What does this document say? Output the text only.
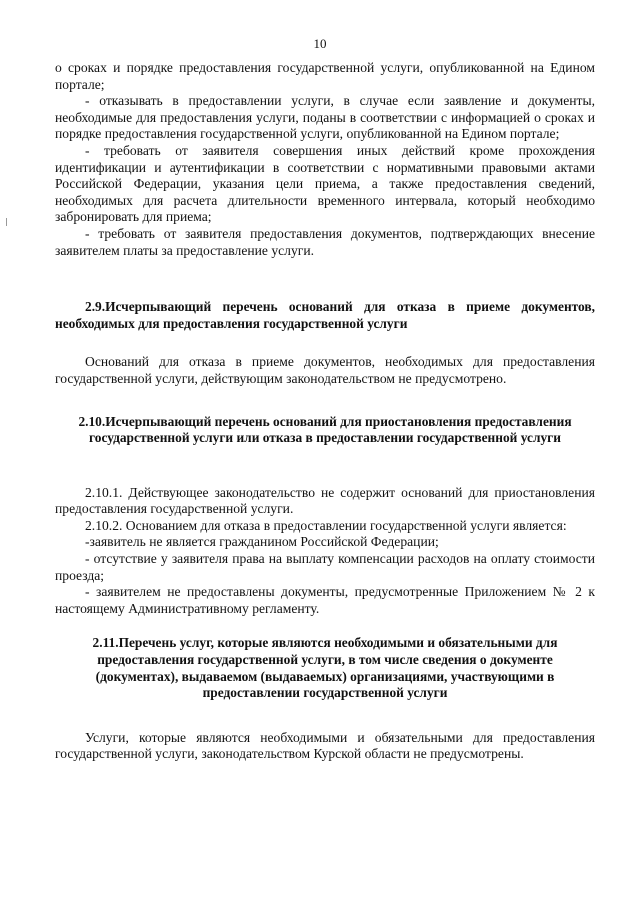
10

о сроках и порядке предоставления государственной услуги, опубликованной на Едином портале;

- отказывать в предоставлении услуги, в случае если заявление и документы, необходимые для предоставления услуги, поданы в соответствии с информацией о сроках и порядке предоставления государственной услуги, опубликованной на Едином портале;

- требовать от заявителя совершения иных действий кроме прохождения идентификации и аутентификации в соответствии с нормативными правовыми актами Российской Федерации, указания цели приема, а также предоставления сведений, необходимых для расчета длительности временного интервала, который необходимо забронировать для приема;

- требовать от заявителя предоставления документов, подтверждающих внесение заявителем платы за предоставление услуги.

2.9.Исчерпывающий перечень оснований для отказа в приеме документов, необходимых для предоставления государственной услуги

Оснований для отказа в приеме документов, необходимых для предоставления государственной услуги, действующим законодательством не предусмотрено.

2.10.Исчерпывающий перечень оснований для приостановления предоставления государственной услуги или отказа в предоставлении государственной услуги

2.10.1. Действующее законодательство не содержит оснований для приостановления предоставления государственной услуги.

2.10.2. Основанием для отказа в предоставлении государственной услуги является:

-заявитель не является гражданином Российской Федерации;

- отсутствие у заявителя права на выплату компенсации расходов на оплату стоимости проезда;

- заявителем не предоставлены документы, предусмотренные Приложением № 2 к настоящему Административному регламенту.

2.11.Перечень услуг, которые являются необходимыми и обязательными для предоставления государственной услуги, в том числе сведения о документе (документах), выдаваемом (выдаваемых) организациями, участвующими в предоставлении государственной услуги

Услуги, которые являются необходимыми и обязательными для предоставления государственной услуги, законодательством Курской области не предусмотрены.
